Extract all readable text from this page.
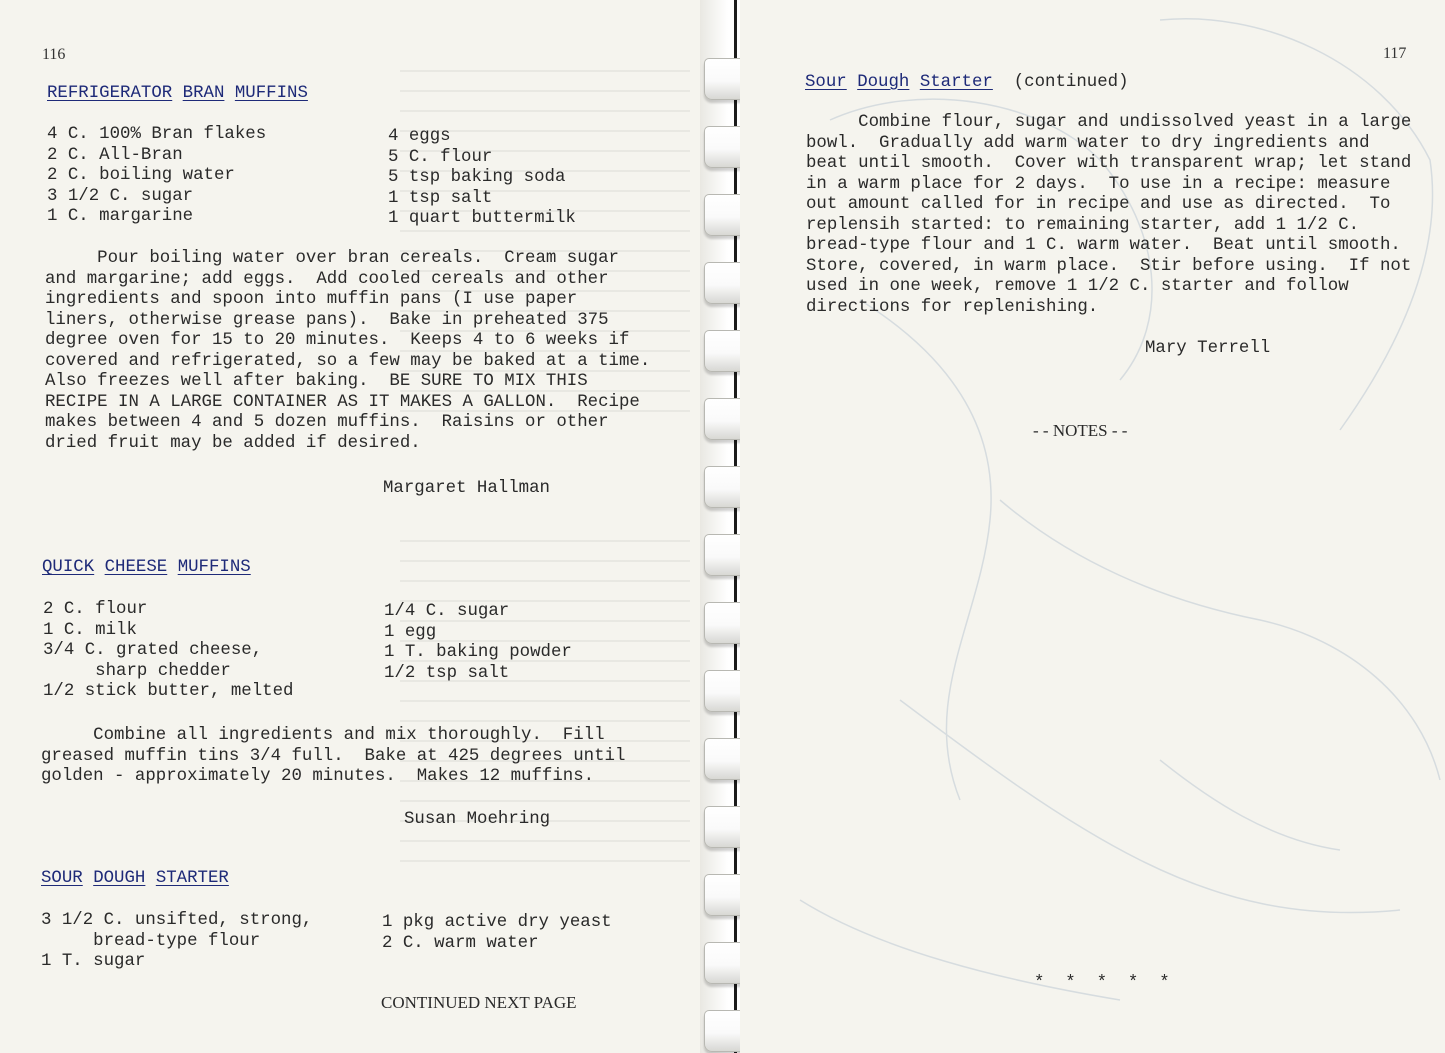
116
REFRIGERATOR BRAN MUFFINS
4 C. 100% Bran flakes
2 C. All-Bran
2 C. boiling water
3 1/2 C. sugar
1 C. margarine
4 eggs
5 C. flour
5 tsp baking soda
1 tsp salt
1 quart buttermilk
Pour boiling water over bran cereals.  Cream sugar
and margarine; add eggs.  Add cooled cereals and other
ingredients and spoon into muffin pans (I use paper
liners, otherwise grease pans).  Bake in preheated 375
degree oven for 15 to 20 minutes.  Keeps 4 to 6 weeks if
covered and refrigerated, so a few may be baked at a time.
Also freezes well after baking.  BE SURE TO MIX THIS
RECIPE IN A LARGE CONTAINER AS IT MAKES A GALLON.  Recipe
makes between 4 and 5 dozen muffins.  Raisins or other
dried fruit may be added if desired.
Margaret Hallman
QUICK CHEESE MUFFINS
2 C. flour
1 C. milk
3/4 C. grated cheese,
sharp chedder
1/2 stick butter, melted
1/4 C. sugar
1 egg
1 T. baking powder
1/2 tsp salt
Combine all ingredients and mix thoroughly.  Fill
greased muffin tins 3/4 full.  Bake at 425 degrees until
golden - approximately 20 minutes.  Makes 12 muffins.
Susan Moehring
SOUR DOUGH STARTER
3 1/2 C. unsifted, strong,
bread-type flour
1 T. sugar
1 pkg active dry yeast
2 C. warm water
CONTINUED NEXT PAGE
117
Sour Dough Starter (continued)
Combine flour, sugar and undissolved yeast in a large
bowl.  Gradually add warm water to dry ingredients and
beat until smooth.  Cover with transparent wrap; let stand
in a warm place for 2 days.  To use in a recipe: measure
out amount called for in recipe and use as directed.  To
replensih started: to remaining starter, add 1 1/2 C.
bread-type flour and 1 C. warm water.  Beat until smooth.
Store, covered, in warm place.  Stir before using.  If not
used in one week, remove 1 1/2 C. starter and follow
directions for replenishing.
Mary Terrell
- - NOTES - -
*  *  *  *  *
